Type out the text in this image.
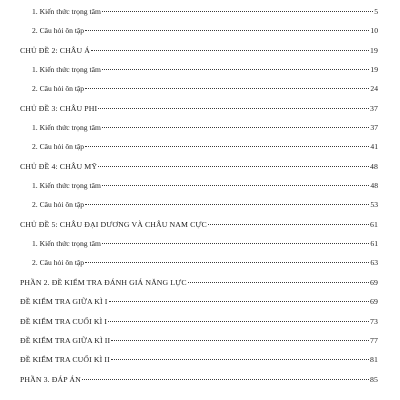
1. Kiến thức trọng tâm	5
2. Câu hỏi ôn tập	10
CHỦ ĐỀ 2: CHÂU Á	19
1. Kiến thức trọng tâm	19
2. Câu hỏi ôn tập	24
CHỦ ĐỀ 3: CHÂU PHI	37
1. Kiến thức trọng tâm	37
2. Câu hỏi ôn tập	41
CHỦ ĐỀ 4: CHÂU MỸ	48
1. Kiến thức trọng tâm	48
2. Câu hỏi ôn tập	53
CHỦ ĐỀ 5: CHÂU ĐẠI DƯƠNG VÀ CHÂU NAM CỰC	61
1. Kiến thức trọng tâm	61
2. Câu hỏi ôn tập	63
PHẦN 2. ĐỀ KIỂM TRA ĐÁNH GIÁ NĂNG LỰC	69
ĐỀ KIỂM TRA GIỮA KÌ I	69
ĐỀ KIỂM TRA CUỐI KÌ I	73
ĐỀ KIỂM TRA GIỮA KÌ II	77
ĐỀ KIỂM TRA CUỐI KÌ II	81
PHẦN 3. ĐÁP ÁN	85
